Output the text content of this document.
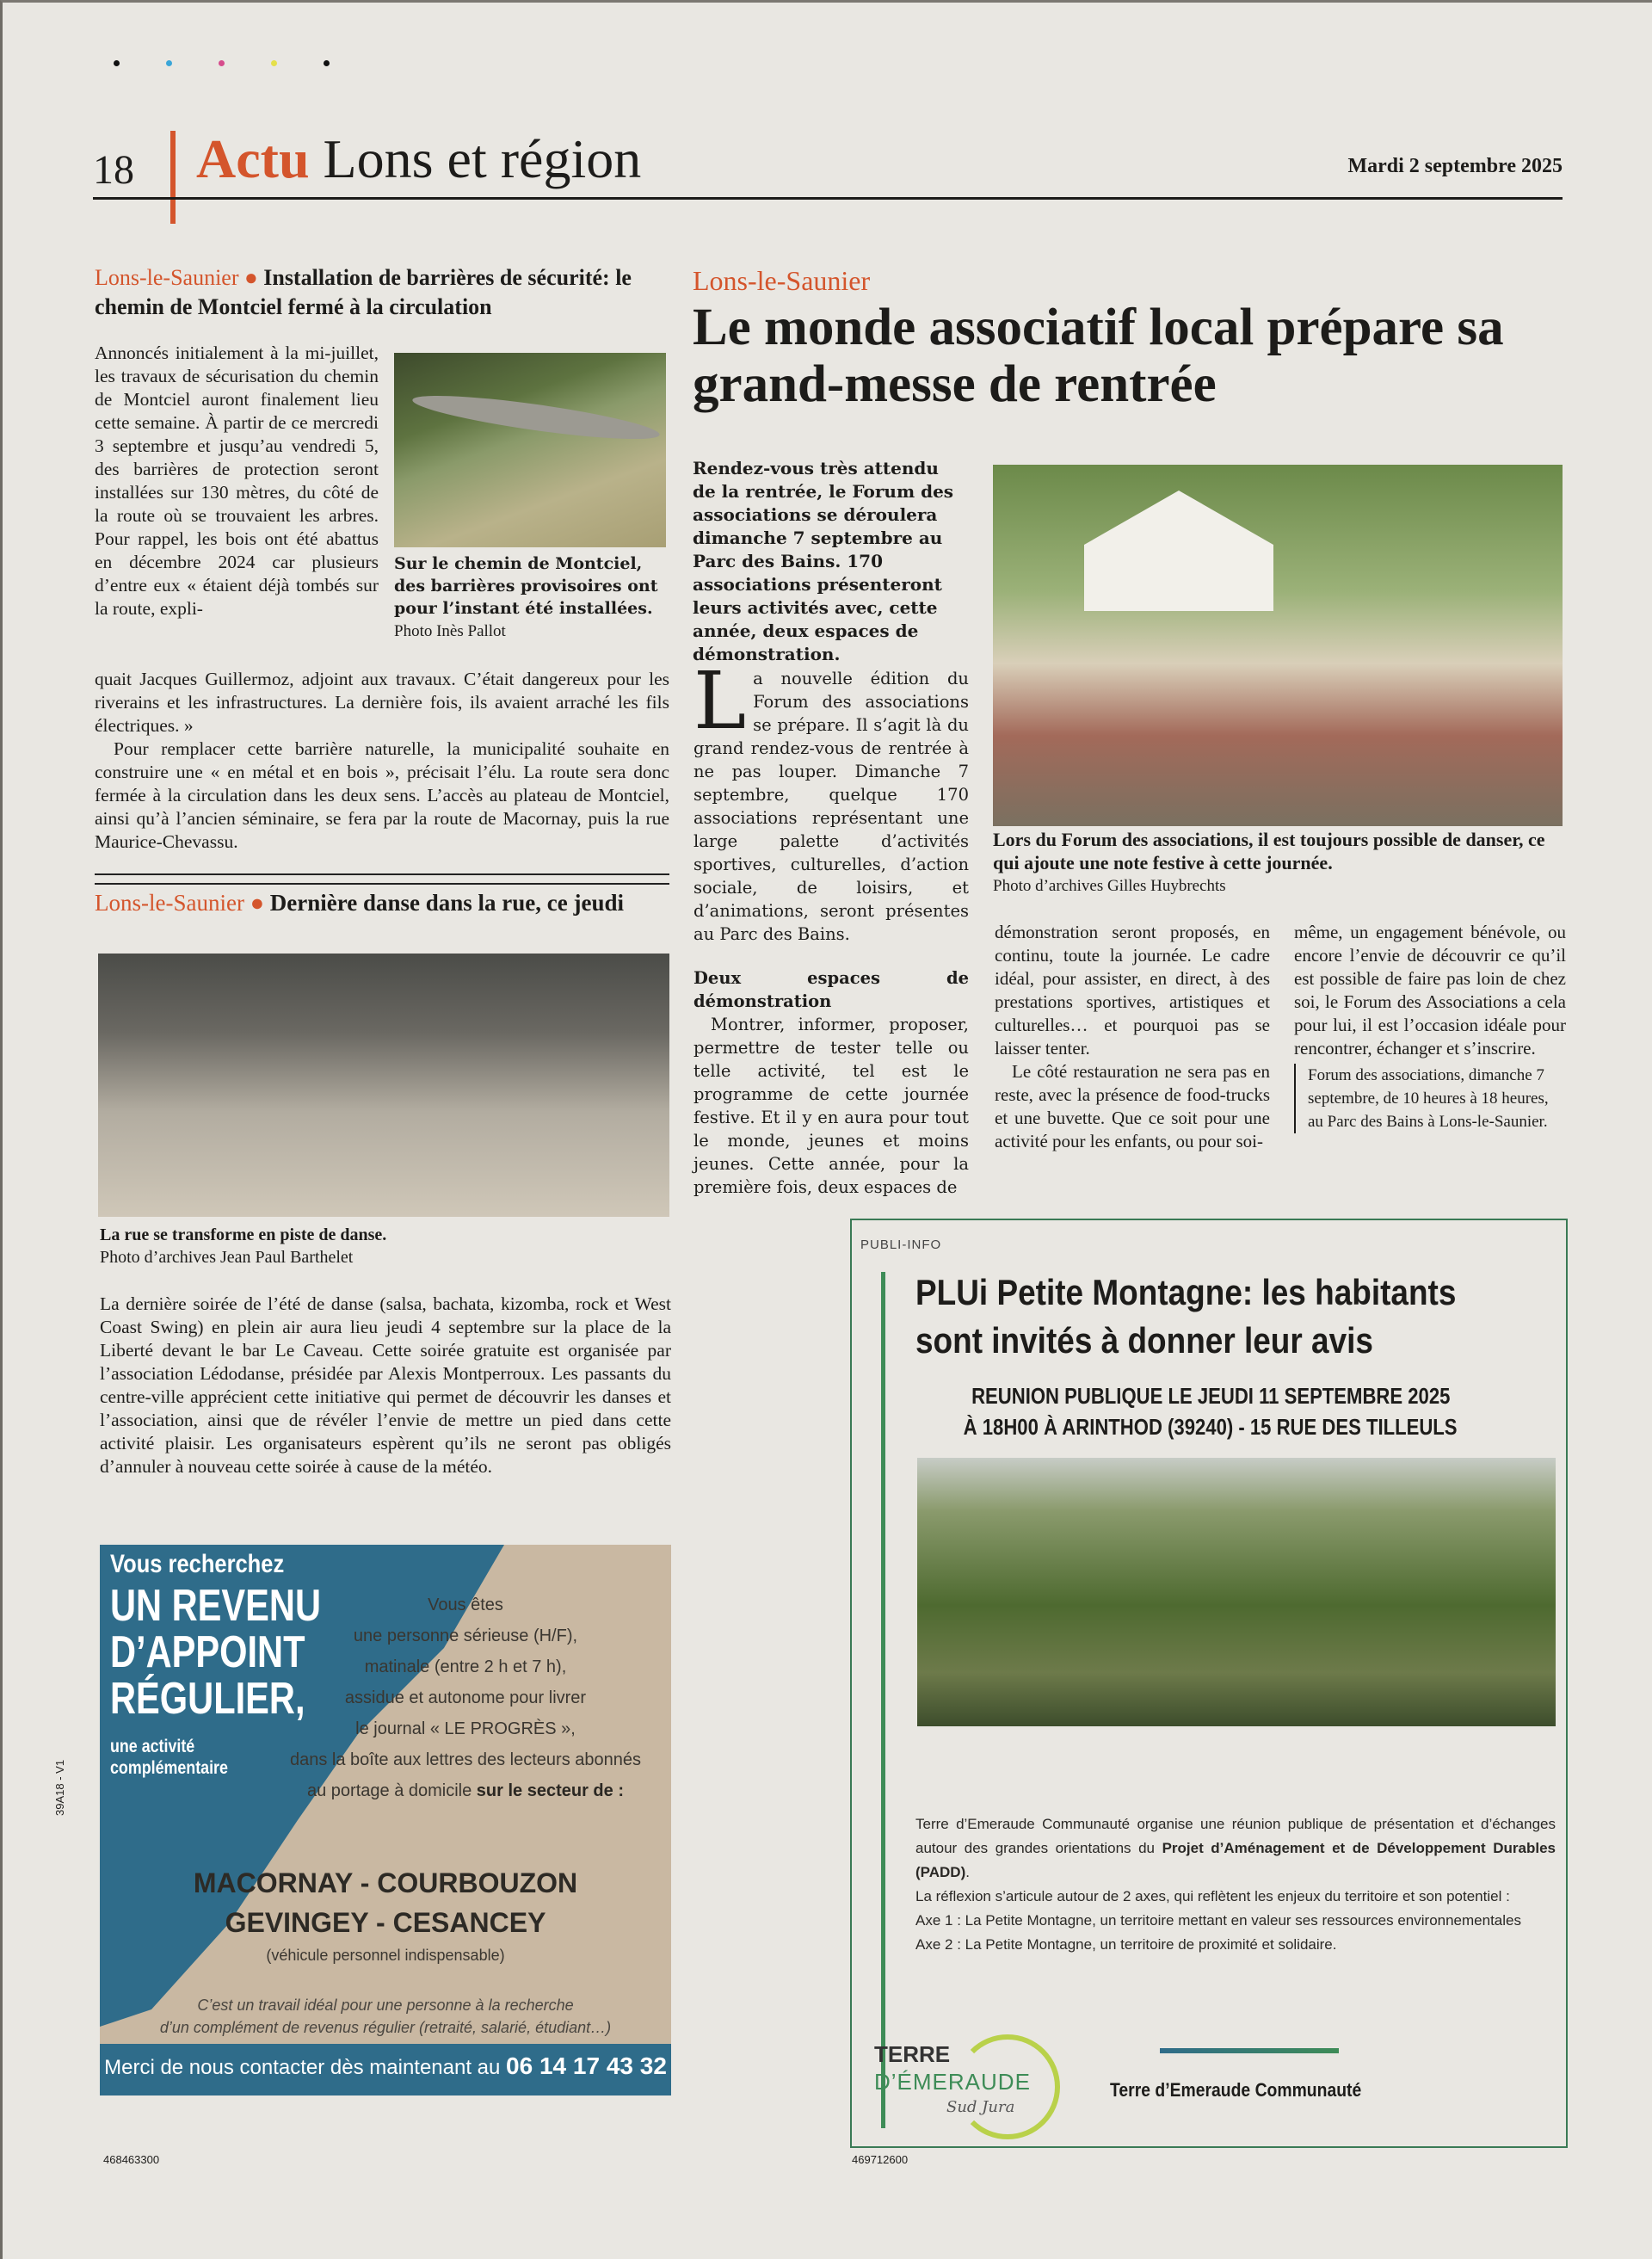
18 Actu Lons et région	Mardi 2 septembre 2025
Lons-le-Saunier ● Installation de barrières de sécurité: le chemin de Montciel fermé à la circulation
Annoncés initialement à la mi-juillet, les travaux de sécurisation du chemin de Montciel auront finalement lieu cette semaine. À partir de ce mercredi 3 septembre et jusqu’au vendredi 5, des barrières de protection seront installées sur 130 mètres, du côté de la route où se trouvaient les arbres. Pour rappel, les bois ont été abattus en décembre 2024 car plusieurs d’entre eux « étaient déjà tombés sur la route, expli-
Sur le chemin de Montciel, des barrières provisoires ont pour l’instant été installées. Photo Inès Pallot

quait Jacques Guillermoz, adjoint aux travaux. C’était dangereux pour les riverains et les infrastructures. La dernière fois, ils avaient arraché les fils électriques. »

Pour remplacer cette barrière naturelle, la municipalité souhaite en construire une « en métal et en bois », précisait l’élu. La route sera donc fermée à la circulation dans les deux sens. L’accès au plateau de Montciel, ainsi qu’à l’ancien séminaire, se fera par la route de Macornay, puis la rue Maurice-Chevassu.

Lons-le-Saunier ● Dernière danse dans la rue, ce jeudi
La rue se transforme en piste de danse.
Photo d’archives Jean Paul Barthelet
La dernière soirée de l’été de danse (salsa, bachata, kizomba, rock et West Coast Swing) en plein air aura lieu jeudi 4 septembre sur la place de la Liberté devant le bar Le Caveau. Cette soirée gratuite est organisée par l’association Lédodanse, présidée par Alexis Montperroux. Les passants du centre-ville apprécient cette initiative qui permet de découvrir les danses et l’association, ainsi que de révéler l’envie de mettre un pied dans cette activité plaisir. Les organisateurs espèrent qu’ils ne seront pas obligés d’annuler à nouveau cette soirée à cause de la météo.
Lons-le-Saunier
Le monde associatif local prépare sa grand-messe de rentrée
Rendez-vous très attendu de la rentrée, le Forum des associations se déroulera dimanche 7 septembre au Parc des Bains. 170 associations présenteront leurs activités avec, cette année, deux espaces de démonstration.
La nouvelle édition du Forum des associations se prépare. Il s’agit là du grand rendez-vous de rentrée à ne pas louper. Dimanche 7 septembre, quelque 170 associations représentant une large palette d’activités sportives, culturelles, d’action sociale, de loisirs, et d’animations, seront présentes au Parc des Bains.
Deux espaces de démonstration
Montrer, informer, proposer, permettre de tester telle ou telle activité, tel est le programme de cette journée festive. Et il y en aura pour tout le monde, jeunes et moins jeunes. Cette année, pour la première fois, deux espaces de
Lors du Forum des associations, il est toujours possible de danser, ce qui ajoute une note festive à cette journée.
Photo d’archives Gilles Huybrechts

démonstration seront proposés, en continu, toute la journée. Le cadre idéal, pour assister, en direct, à des prestations sportives, artistiques et culturelles… et pourquoi pas se laisser tenter.

Le côté restauration ne sera pas en reste, avec la présence de food-trucks et une buvette. Que ce soit pour une activité pour les enfants, ou pour soi-

même, un engagement bénévole, ou encore l’envie de découvrir ce qu’il est possible de faire pas loin de chez soi, le Forum des Associations a cela pour lui, il est l’occasion idéale pour rencontrer, échanger et s’inscrire.

Forum des associations, dimanche 7 septembre, de 10 heures à 18 heures, au Parc des Bains à Lons-le-Saunier.
Vous recherchez
UN REVENU
D’APPOINT
RÉGULIER,
une activité
complémentaire
Vous êtes
une personne sérieuse (H/F),
matinale (entre 2 h et 7 h),
assidue et autonome pour livrer
le journal « LE PROGRÈS »,
dans la boîte aux lettres des lecteurs abonnés
au portage à domicile sur le secteur de :
MACORNAY - COURBOUZON
GEVINGEY - CESANCEY
(véhicule personnel indispensable)
C’est un travail idéal pour une personne à la recherche
d’un complément de revenus régulier (retraité, salarié, étudiant…)
Merci de nous contacter dès maintenant au 06 14 17 43 32
468463300
39A18 - V1
PUBLI-INFO
PLUi Petite Montagne: les habitants
sont invités à donner leur avis
REUNION PUBLIQUE LE JEUDI 11 SEPTEMBRE 2025
À 18H00 À ARINTHOD (39240) - 15 RUE DES TILLEULS

Terre d’Emeraude Communauté organise une réunion publique de présentation et d’échanges autour des grandes orientations du Projet d’Aménagement et de Développement Durables (PADD).

La réflexion s’articule autour de 2 axes, qui reflètent les enjeux du territoire et son potentiel :

Axe 1 : La Petite Montagne, un territoire mettant en valeur ses ressources environnementales

Axe 2 : La Petite Montagne, un territoire de proximité et solidaire.

TERRE
D’ÉMERAUDE
Sud Jura
Terre d’Emeraude Communauté
469712600
